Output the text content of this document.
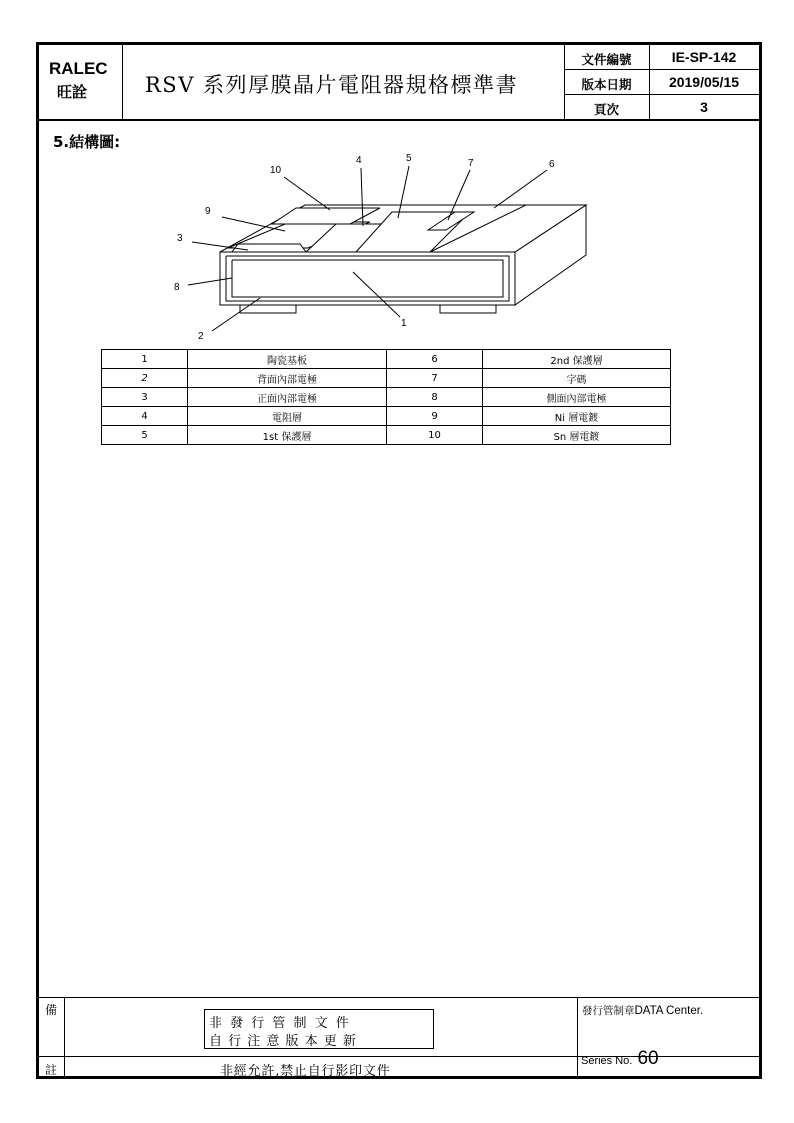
RALEC
旺詮	RSV 系列厚膜晶片電阻器規格標準書
文件編號	IE-SP-142
版本日期	2019/05/15
頁次	3
5.結構圖:
備
註
非 發 行 管 制 文 件
自 行 注 意 版 本 更 新
非經允許,禁止自行影印文件
發行管制章DATA Center.
Series No. 60
10
4	5	7	6
9
3
8
2
1
1	陶瓷基板	6	2nd 保護層
2	背面內部電極	7	字碼
3	正面內部電極	8	側面內部電極
4	電阻層	9	Ni 層電鍍
5	1st 保護層	10	Sn 層電鍍
